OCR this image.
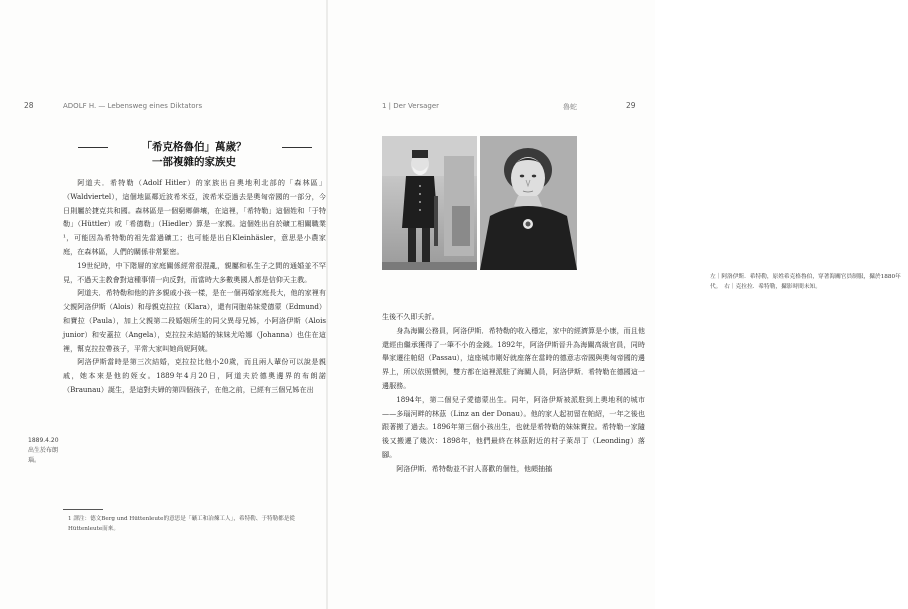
28	ADOLF H. — Lebensweg eines Diktators
「希克格魯伯」萬歲？
一部複雜的家族史

阿道夫．希特勒（Adolf Hitler）的家族出自奧地利北部的「森林區」（Waldviertel），這個地區鄰近波希米亞，波希米亞過去是奧匈帝國的一部分，今日則屬於捷克共和國。森林區是一個窮鄉僻壤，在這裡，「希特勒」這個姓和「于特勒」（Hüttler）或「希德勒」（Hiedler）算是一家親。這個姓出自於礦工相關職業¹，可能因為希特勒的祖先當過礦工；也可能是出自Kleinhäsler，意思是小農家庭，在森林區，人們的關係非常緊密。

19世紀時，中下階層的家庭關係經常很混亂，親屬和私生子之間的通婚並不罕見，不過天主教會對這種事情一向反對，而當時大多數奧國人都是信仰天主教。

阿道夫．希特勒和他的許多親戚小孩一樣，是在一個再婚家庭長大，他的家裡有父親阿洛伊斯（Alois）和母親克拉拉（Klara），還有同胞弟妹愛德蒙（Edmund）和寶拉（Paula），加上父親第二段婚姻所生的同父異母兄姊，小阿洛伊斯（Alois junior）和安蓋拉（Angela），克拉拉未結婚的妹妹尤哈娜（Johanna）也住在這裡，幫克拉拉帶孩子，平常大家叫她尚妮阿姨。

阿洛伊斯當時是第三次結婚，克拉拉比他小20歲，而且兩人輩份可以說是親戚，她本來是他的姪女。1889年4月20日，阿道夫於德奧邊界的布朗諾（Braunau）誕生，是這對夫婦的第四個孩子，在他之前，已經有三個兄姊在出

1889.4.20
出生於布朗瑙。
1 譯注：德文Berg und Hüttenleute的意思是「礦工和冶煉工人」，希特勒、于特勒都是從Hüttenleute而來。
1 | Der Versager	魯蛇	29
左｜阿洛伊斯．希特勒，原姓希克格魯伯，穿著海關官員制服，攝於1880年代。　右｜克拉拉．希特勒，攝影時間未知。

生後不久即夭折。

身為海關公務員，阿洛伊斯．希特勒的收入穩定，家中的經濟算是小康，而且他還經由繼承獲得了一筆不小的金錢。1892年，阿洛伊斯晉升為海關高級官員，同時舉家遷往帕紹（Passau），這座城市剛好就座落在當時的德意志帝國與奧匈帝國的邊界上，所以依照慣例，雙方都在這裡派駐了海關人員，阿洛伊斯．希特勒在德國這一邊服務。

1894年，第二個兒子愛德蒙出生。同年，阿洛伊斯被派駐到上奧地利的城市——多瑙河畔的林茲（Linz an der Donau）。他的家人起初留在帕紹，一年之後也跟著搬了過去。1896年第三個小孩出生，也就是希特勒的妹妹寶拉。希特勒一家隨後又搬遷了幾次：1898年，他們最終在林茲附近的村子萊昂丁（Leonding）落腳。

阿洛伊斯．希特勒並不討人喜歡的個性，他頗抽搐
